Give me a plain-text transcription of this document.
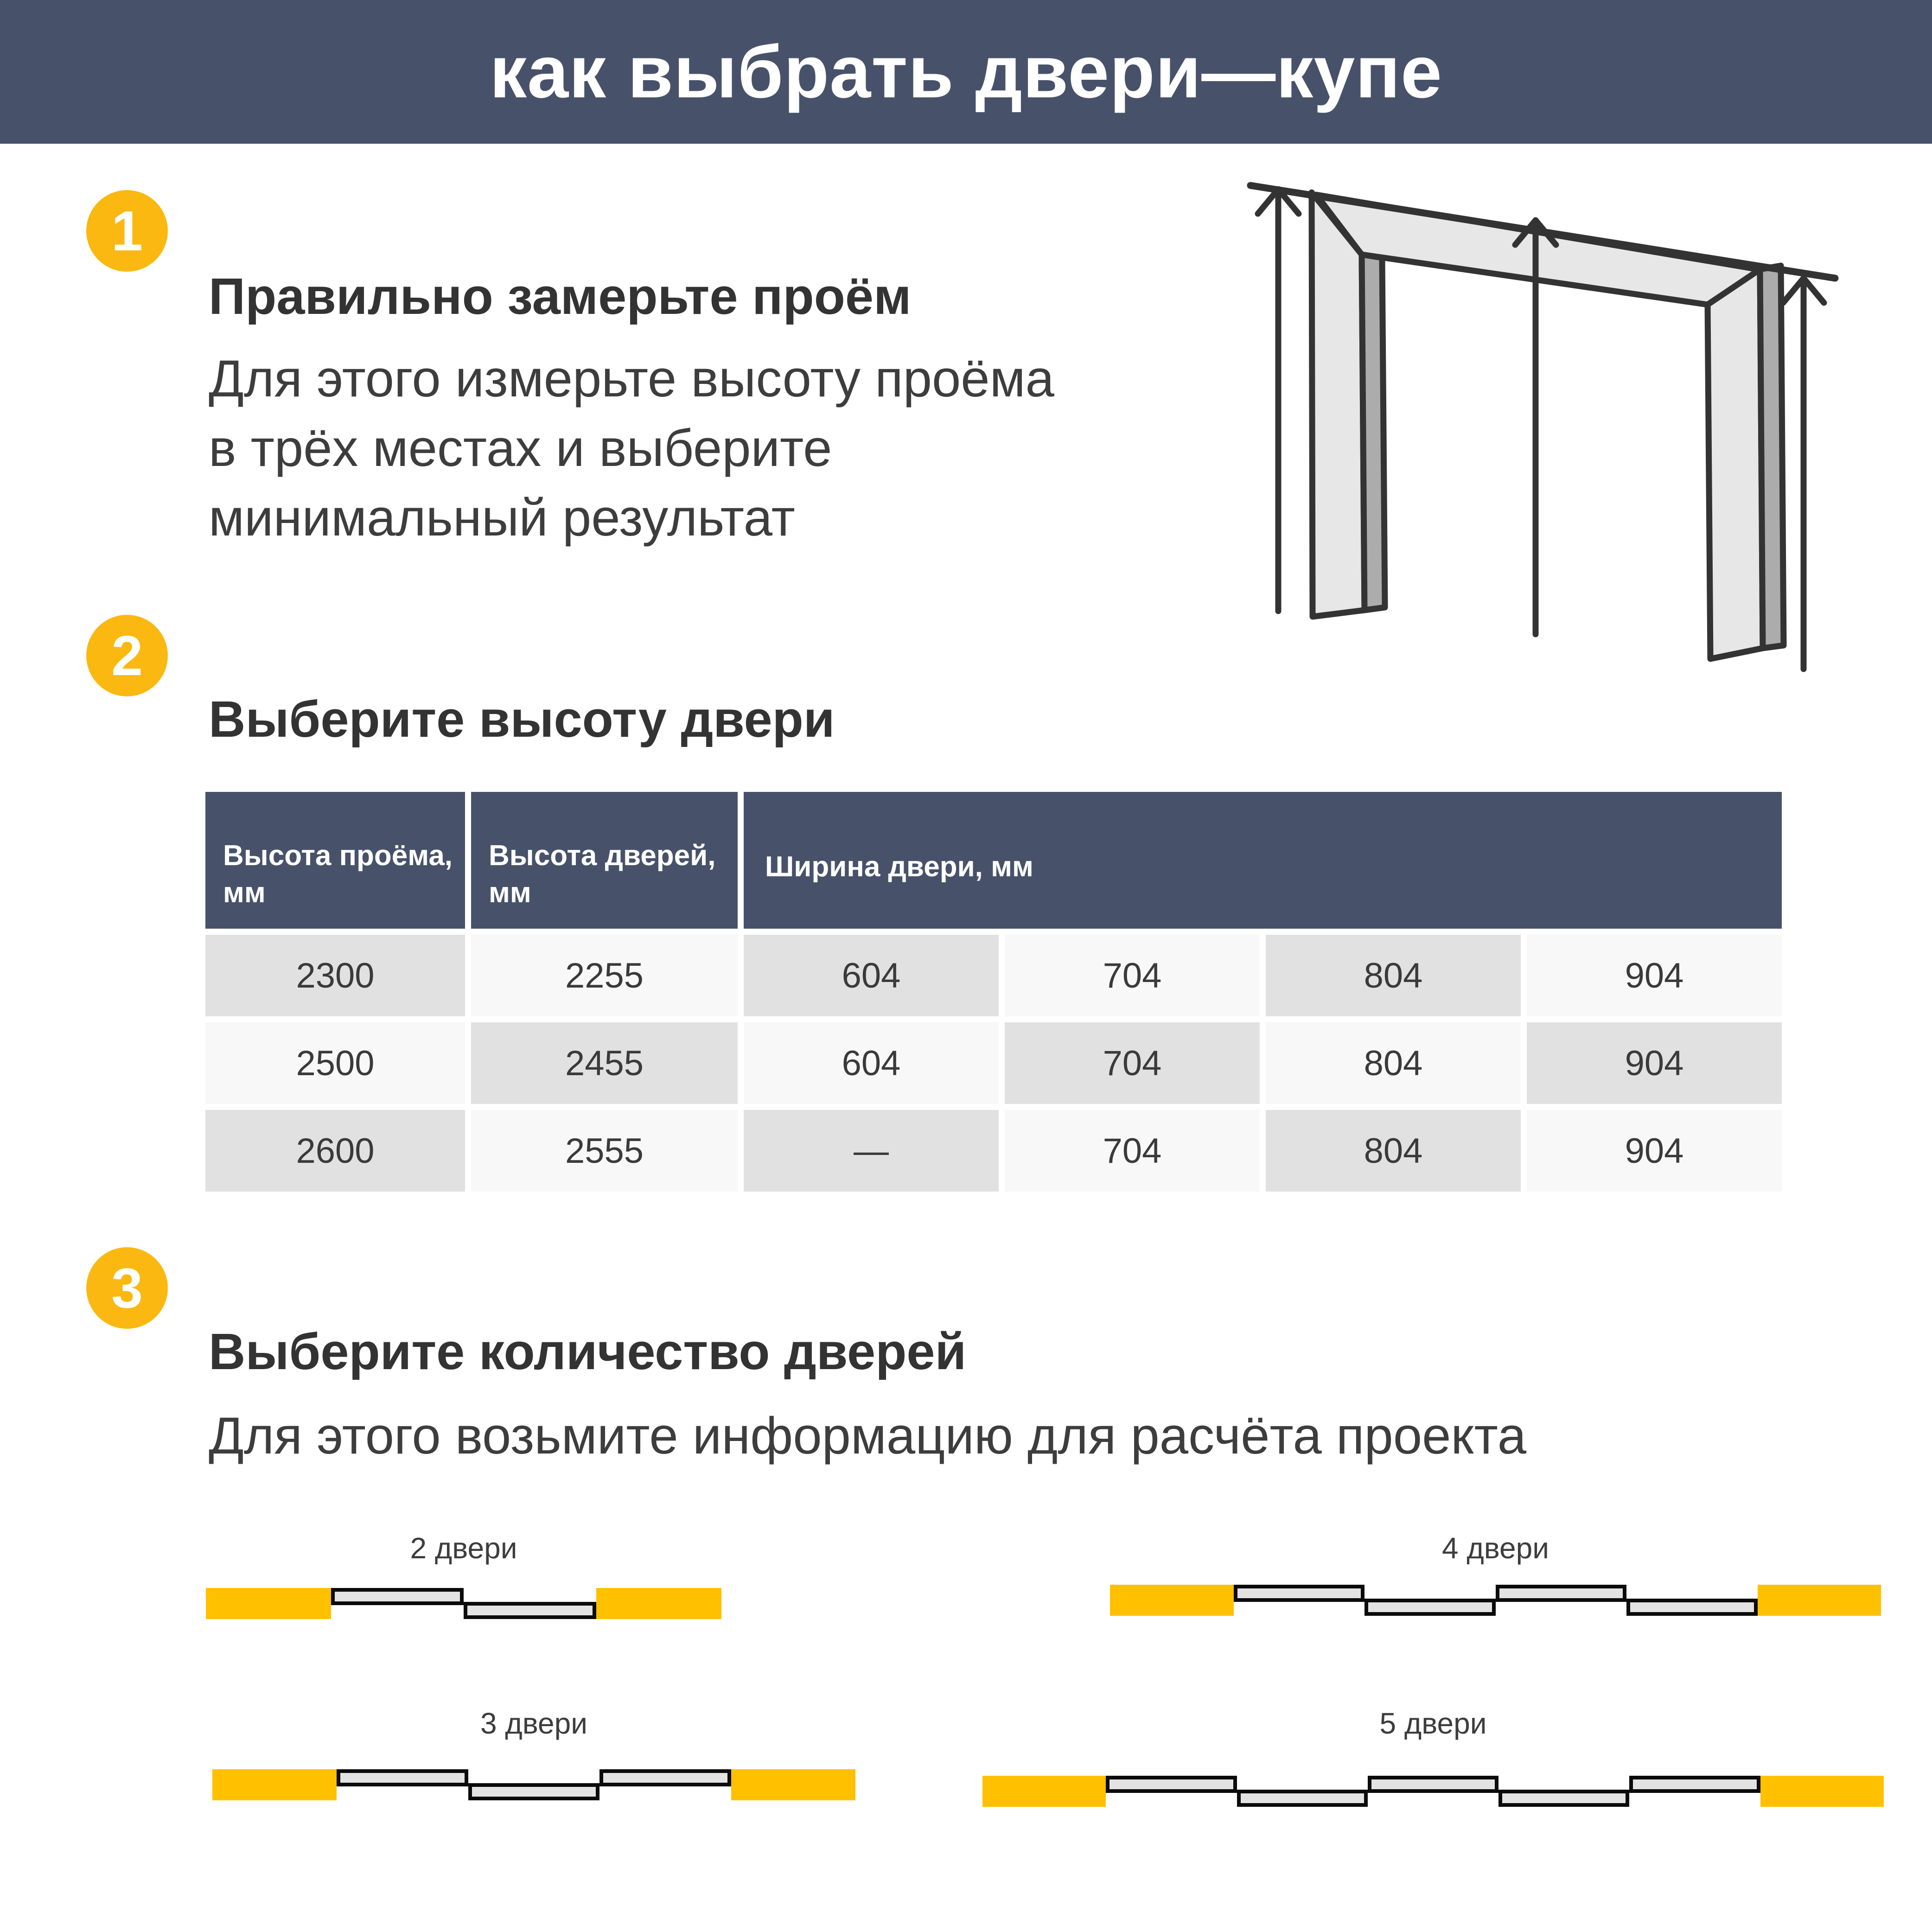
как выбрать двери—купе
1
Правильно замерьте проём
Для этого измерьте высоту проёма
в трёх местах и выберите
минимальный результат
2
Выберите высоту двери
Высота проёма, мм
Высота дверей, мм
Ширина двери, мм
2300	2255	604	704	804	904
2500	2455	604	704	804	904
2600	2555	—	704	804	904
3
Выберите количество дверей
Для этого возьмите информацию для расчёта проекта
2 двери	4 двери
3 двери	5 двери
